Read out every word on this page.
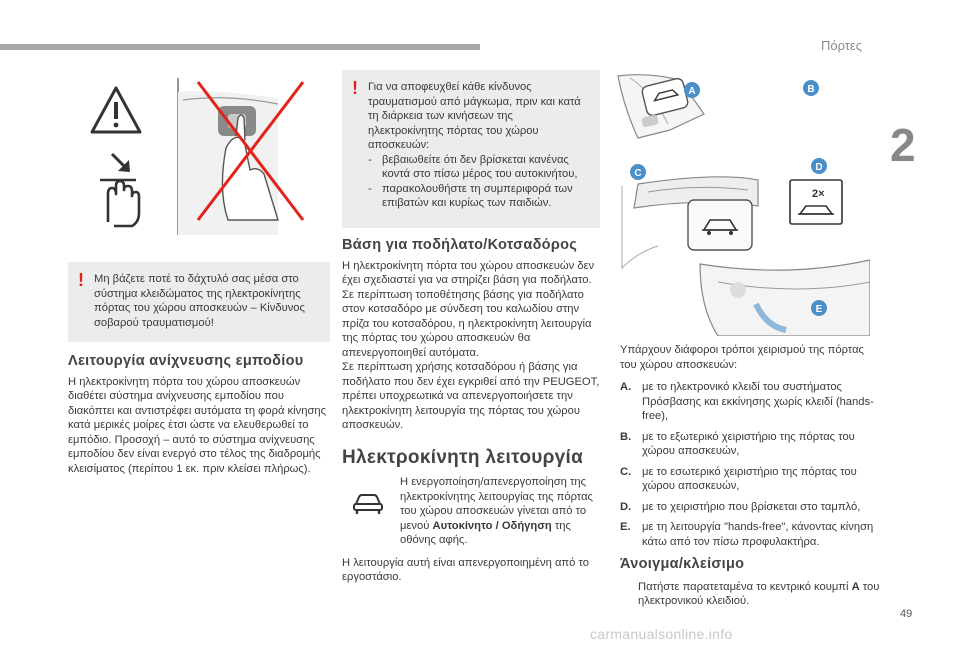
Πόρτες
2
! Μη βάζετε ποτέ το δάχτυλό σας μέσα στο σύστημα κλειδώματος της ηλεκτροκίνητης πόρτας του χώρου αποσκευών – Κίνδυνος σοβαρού τραυματισμού!

Λειτουργία ανίχνευσης εμποδίου

Η ηλεκτροκίνητη πόρτα του χώρου αποσκευών διαθέτει σύστημα ανίχνευσης εμποδίου που διακόπτει και αντιστρέφει αυτόματα τη φορά κίνησης κατά μερικές μοίρες έτσι ώστε να ελευθερωθεί το εμπόδιο. Προσοχή – αυτό το σύστημα ανίχνευσης εμποδίου δεν είναι ενεργό στο τέλος της διαδρομής κλεισίματος (περίπου 1 εκ. πριν κλείσει πλήρως).

! Για να αποφευχθεί κάθε κίνδυνος τραυματισμού από μάγκωμα, πριν και κατά τη διάρκεια των κινήσεων της ηλεκτροκίνητης πόρτας του χώρου αποσκευών:

- βεβαιωθείτε ότι δεν βρίσκεται κανένας κοντά στο πίσω μέρος του αυτοκινήτου,
- παρακολουθήστε τη συμπεριφορά των επιβατών και κυρίως των παιδιών.
Βάση για ποδήλατο/Κοτσαδόρος

Η ηλεκτροκίνητη πόρτα του χώρου αποσκευών δεν έχει σχεδιαστεί για να στηρίζει βάση για ποδήλατο.

Σε περίπτωση τοποθέτησης βάσης για ποδήλατο στον κοτσαδόρο με σύνδεση του καλωδίου στην πρίζα του κοτσαδόρου, η ηλεκτροκίνητη λειτουργία της πόρτας του χώρου αποσκευών θα απενεργοποιηθεί αυτόματα.

Σε περίπτωση χρήσης κοτσαδόρου ή βάσης για ποδήλατο που δεν έχει εγκριθεί από την PEUGEOT, πρέπει υποχρεωτικά να απενεργοποιήσετε την ηλεκτροκίνητη λειτουργία της πόρτας του χώρου αποσκευών.

Ηλεκτροκίνητη λειτουργία

Η ενεργοποίηση/απενεργοποίηση της ηλεκτροκίνητης λειτουργίας της πόρτας του χώρου αποσκευών γίνεται από το μενού Αυτοκίνητο / Οδήγηση της οθόνης αφής.

Η λειτουργία αυτή είναι απενεργοποιημένη από το εργοστάσιο.

2×
A	B
C
D
E

Υπάρχουν διάφοροι τρόποι χειρισμού της πόρτας του χώρου αποσκευών:

A. με το ηλεκτρονικό κλειδί του συστήματος Πρόσβασης και εκκίνησης χωρίς κλειδί (hands-free),
B. με το εξωτερικό χειριστήριο της πόρτας του χώρου αποσκευών,
C. με το εσωτερικό χειριστήριο της πόρτας του χώρου αποσκευών,
D. με το χειριστήριο που βρίσκεται στο ταμπλό,
E.	με τη λειτουργία "hands-free", κάνοντας κίνηση κάτω από τον πίσω προφυλακτήρα.
Άνοιγμα/κλείσιμο

Πατήστε παρατεταμένα το κεντρικό κουμπί A του ηλεκτρονικού κλειδιού.

49
carmanualsonline.info
